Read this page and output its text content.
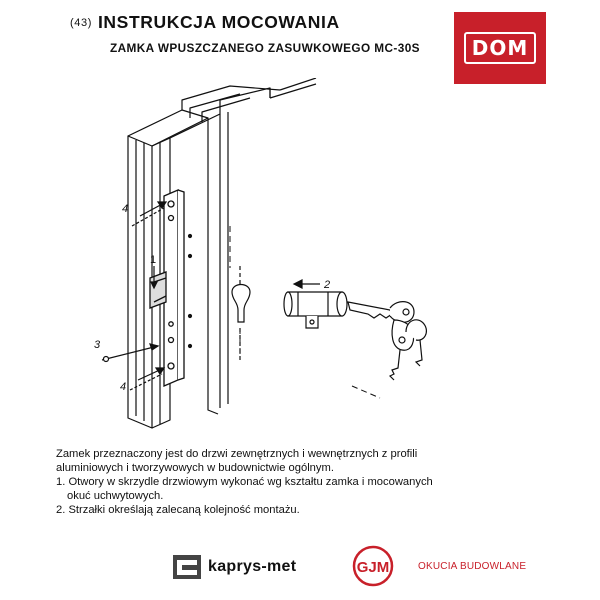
(43) INSTRUKCJA MOCOWANIA
ZAMKA WPUSZCZANEGO ZASUWKOWEGO MC-30S	DOM
4
1
3
4
2

Zamek przeznaczony jest do drzwi zewnętrznych i wewnętrznych z profili

aluminiowych i tworzywowych w budownictwie ogólnym.

1. Otwory w skrzydle drzwiowym wykonać wg kształtu zamka i mocowanych
okuć uchwytowych.

2. Strzałki określają zalecaną kolejność montażu.

kaprys-met	GJM	OKUCIA BUDOWLANE
